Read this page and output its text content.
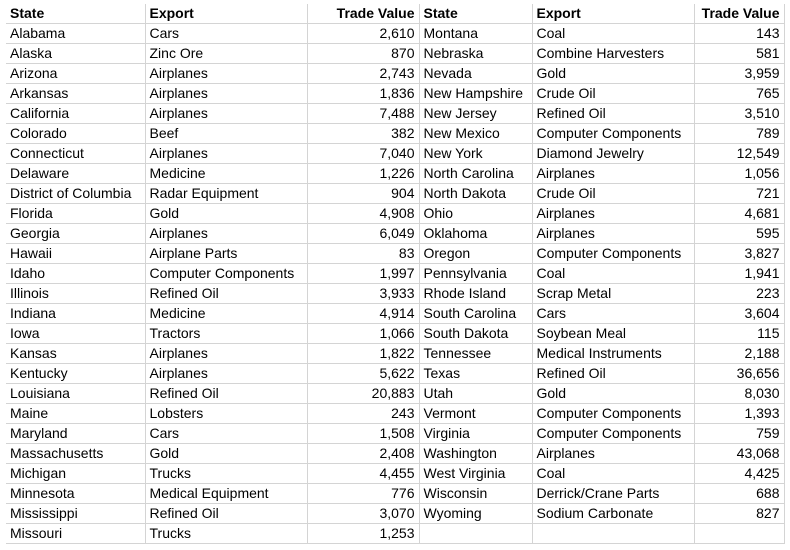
State	Export	Trade Value	State	Export	Trade Value
Alabama	Cars	2,610	Montana	Coal	143
Alaska	Zinc Ore	870	Nebraska	Combine Harvesters	581
Arizona	Airplanes	2,743	Nevada	Gold	3,959
Arkansas	Airplanes	1,836	New Hampshire	Crude Oil	765
California	Airplanes	7,488	New Jersey	Refined Oil	3,510
Colorado	Beef	382	New Mexico	Computer Components	789
Connecticut	Airplanes	7,040	New York	Diamond Jewelry	12,549
Delaware	Medicine	1,226	North Carolina	Airplanes	1,056
District of Columbia	Radar Equipment	904	North Dakota	Crude Oil	721
Florida	Gold	4,908	Ohio	Airplanes	4,681
Georgia	Airplanes	6,049	Oklahoma	Airplanes	595
Hawaii	Airplane Parts	83	Oregon	Computer Components	3,827
Idaho	Computer Components	1,997	Pennsylvania	Coal	1,941
Illinois	Refined Oil	3,933	Rhode Island	Scrap Metal	223
Indiana	Medicine	4,914	South Carolina	Cars	3,604
Iowa	Tractors	1,066	South Dakota	Soybean Meal	115
Kansas	Airplanes	1,822	Tennessee	Medical Instruments	2,188
Kentucky	Airplanes	5,622	Texas	Refined Oil	36,656
Louisiana	Refined Oil	20,883	Utah	Gold	8,030
Maine	Lobsters	243	Vermont	Computer Components	1,393
Maryland	Cars	1,508	Virginia	Computer Components	759
Massachusetts	Gold	2,408	Washington	Airplanes	43,068
Michigan	Trucks	4,455	West Virginia	Coal	4,425
Minnesota	Medical Equipment	776	Wisconsin	Derrick/Crane Parts	688
Mississippi	Refined Oil	3,070	Wyoming	Sodium Carbonate	827
Missouri	Trucks	1,253			
